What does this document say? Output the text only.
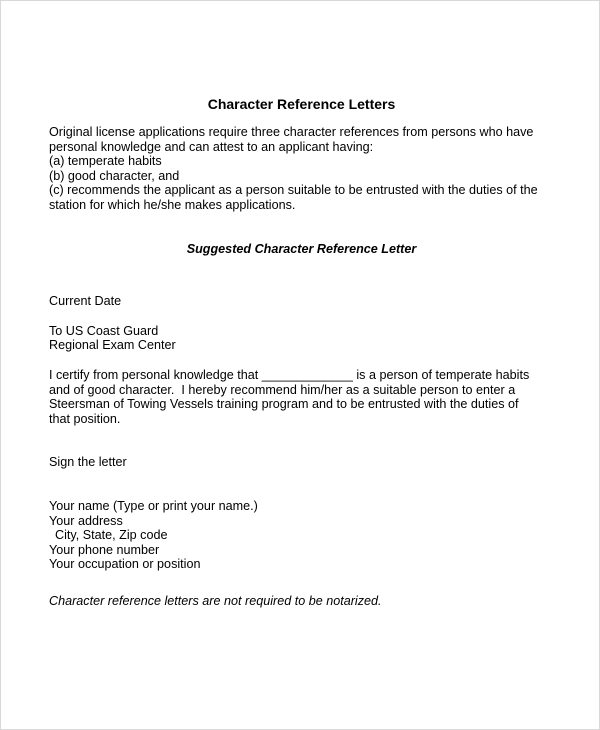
Character Reference Letters
Original license applications require three character references from persons who have
personal knowledge and can attest to an applicant having:
(a) temperate habits
(b) good character, and
(c) recommends the applicant as a person suitable to be entrusted with the duties of the
station for which he/she makes applications.
Suggested Character Reference Letter
Current Date
To US Coast Guard
Regional Exam Center
I certify from personal knowledge that _____________ is a person of temperate habits
and of good character.  I hereby recommend him/her as a suitable person to enter a
Steersman of Towing Vessels training program and to be entrusted with the duties of
that position.
Sign the letter
Your name (Type or print your name.)
Your address
City, State, Zip code
Your phone number
Your occupation or position
Character reference letters are not required to be notarized.
